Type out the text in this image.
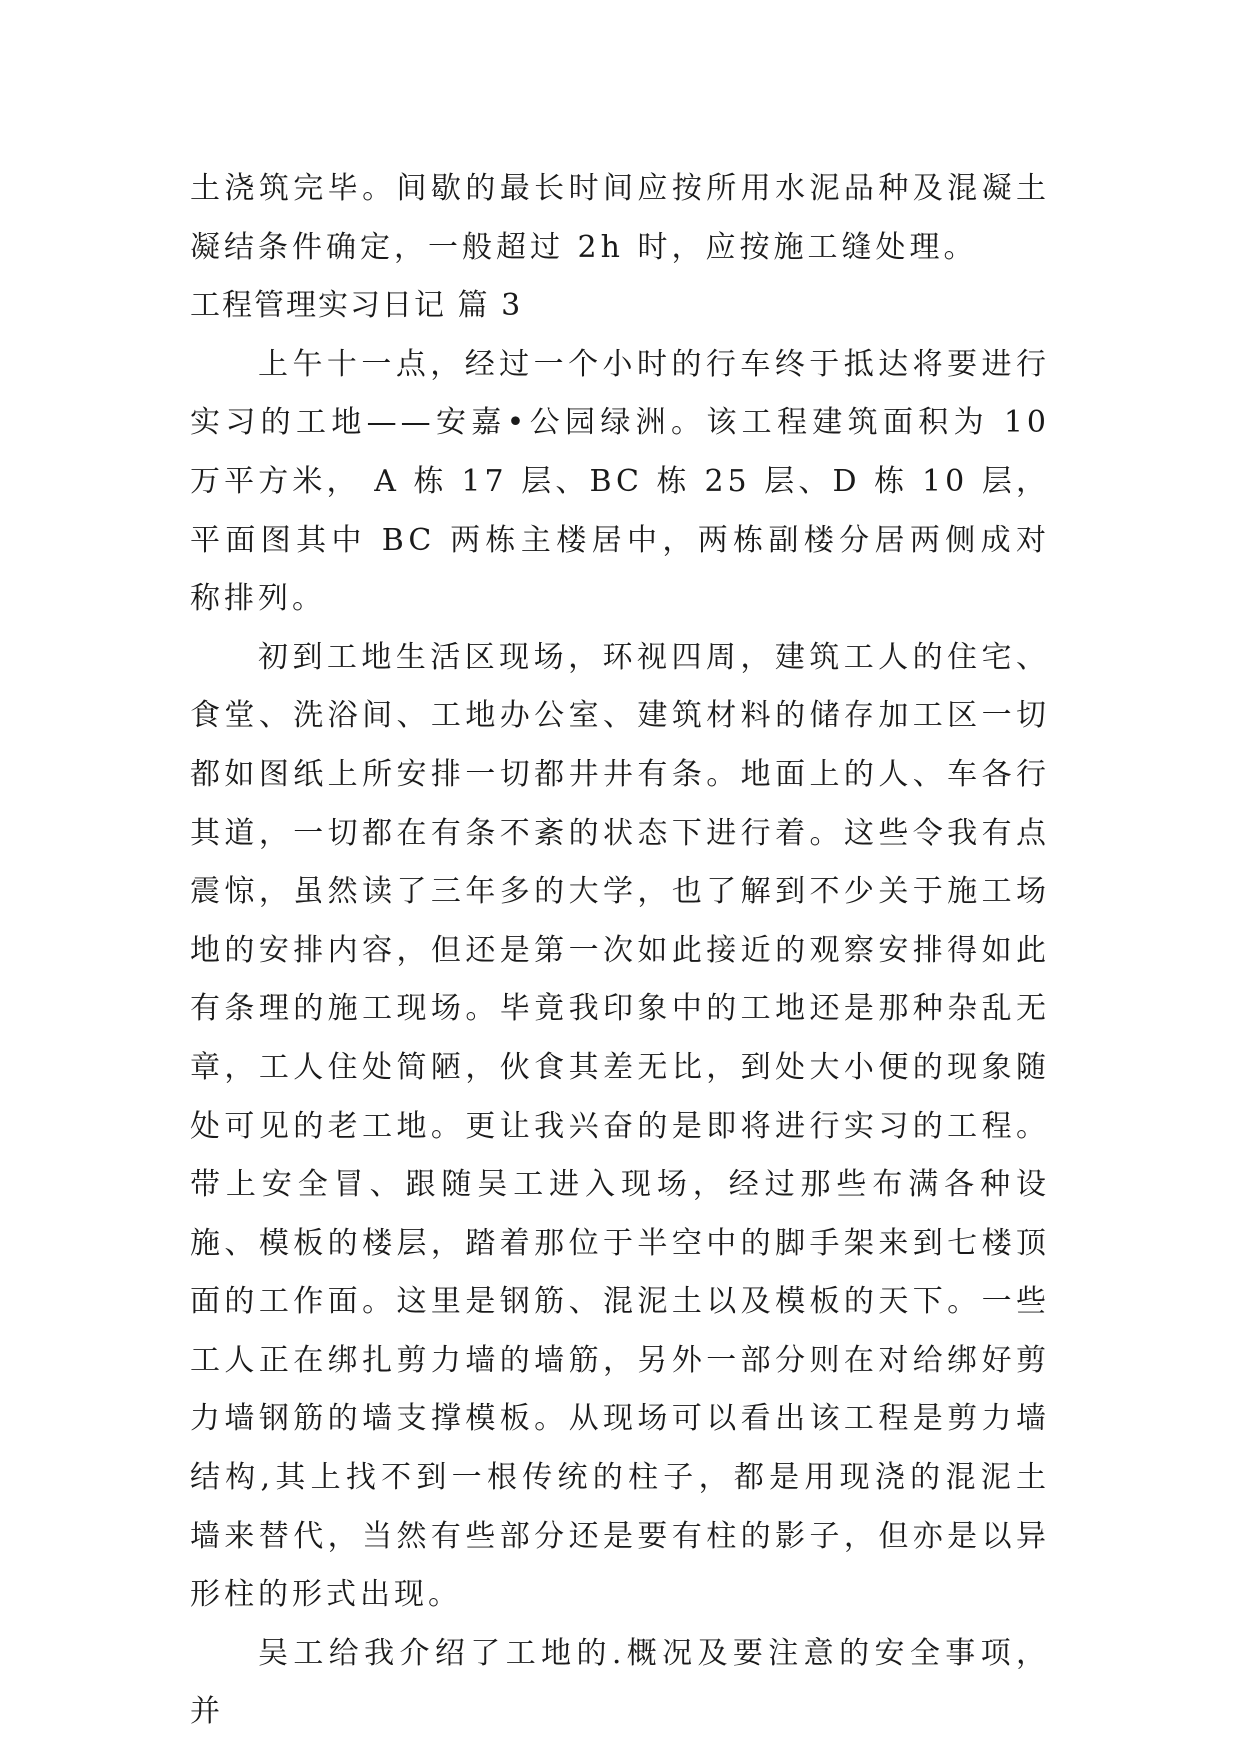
土浇筑完毕。间歇的最长时间应按所用水泥品种及混凝土凝结条件确定，一般超过 2h 时，应按施工缝处理。

工程管理实习日记 篇 3

上午十一点，经过一个小时的行车终于抵达将要进行实习的工地——安嘉•公园绿洲。该工程建筑面积为 10 万平方米， A 栋 17 层、BC 栋 25 层、D 栋 10 层，平面图其中 BC 两栋主楼居中，两栋副楼分居两侧成对称排列。

初到工地生活区现场，环视四周，建筑工人的住宅、食堂、洗浴间、工地办公室、建筑材料的储存加工区一切都如图纸上所安排一切都井井有条。地面上的人、车各行其道，一切都在有条不紊的状态下进行着。这些令我有点震惊，虽然读了三年多的大学，也了解到不少关于施工场地的安排内容，但还是第一次如此接近的观察安排得如此有条理的施工现场。毕竟我印象中的工地还是那种杂乱无章，工人住处简陋，伙食其差无比，到处大小便的现象随处可见的老工地。更让我兴奋的是即将进行实习的工程。带上安全冒、跟随吴工进入现场，经过那些布满各种设施、模板的楼层，踏着那位于半空中的脚手架来到七楼顶面的工作面。这里是钢筋、混泥土以及模板的天下。一些工人正在绑扎剪力墙的墙筋，另外一部分则在对给绑好剪力墙钢筋的墙支撑模板。从现场可以看出该工程是剪力墙结构,其上找不到一根传统的柱子，都是用现浇的混泥土墙来替代，当然有些部分还是要有柱的影子，但亦是以异形柱的形式出现。

吴工给我介绍了工地的.概况及要注意的安全事项，并
